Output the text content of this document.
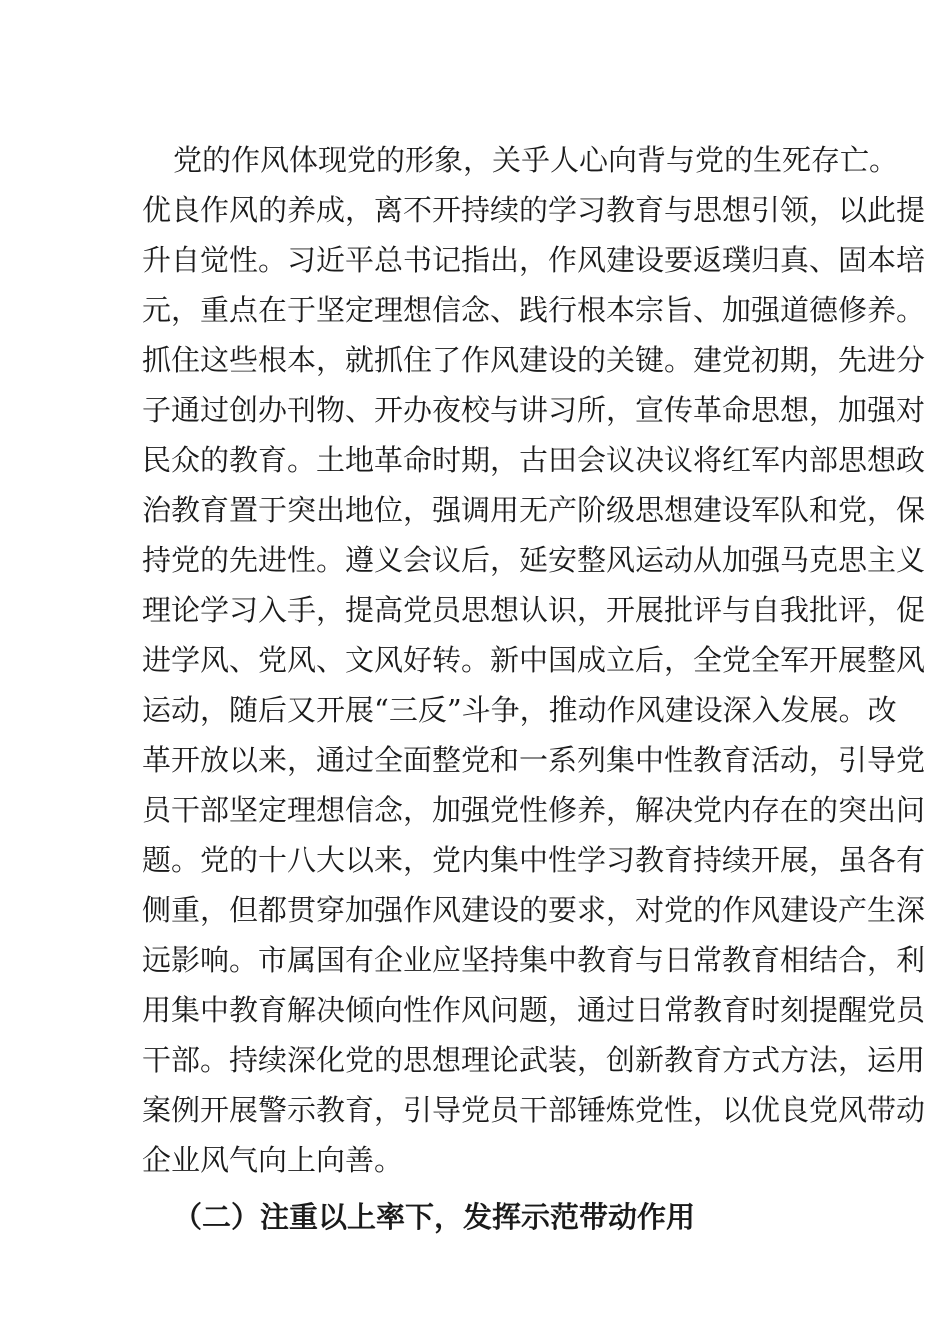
党的作风体现党的形象，关乎人心向背与党的生死存亡。
优良作风的养成，离不开持续的学习教育与思想引领，以此提
升自觉性。习近平总书记指出，作风建设要返璞归真、固本培
元，重点在于坚定理想信念、践行根本宗旨、加强道德修养。
抓住这些根本，就抓住了作风建设的关键。建党初期，先进分
子通过创办刊物、开办夜校与讲习所，宣传革命思想，加强对
民众的教育。土地革命时期，古田会议决议将红军内部思想政
治教育置于突出地位，强调用无产阶级思想建设军队和党，保
持党的先进性。遵义会议后，延安整风运动从加强马克思主义
理论学习入手，提高党员思想认识，开展批评与自我批评，促
进学风、党风、文风好转。新中国成立后，全党全军开展整风
运动，随后又开展“三反”斗争，推动作风建设深入发展。改
革开放以来，通过全面整党和一系列集中性教育活动，引导党
员干部坚定理想信念，加强党性修养，解决党内存在的突出问
题。党的十八大以来，党内集中性学习教育持续开展，虽各有
侧重，但都贯穿加强作风建设的要求，对党的作风建设产生深
远影响。市属国有企业应坚持集中教育与日常教育相结合，利
用集中教育解决倾向性作风问题，通过日常教育时刻提醒党员
干部。持续深化党的思想理论武装，创新教育方式方法，运用
案例开展警示教育，引导党员干部锤炼党性，以优良党风带动
企业风气向上向善。
（二）注重以上率下，发挥示范带动作用
